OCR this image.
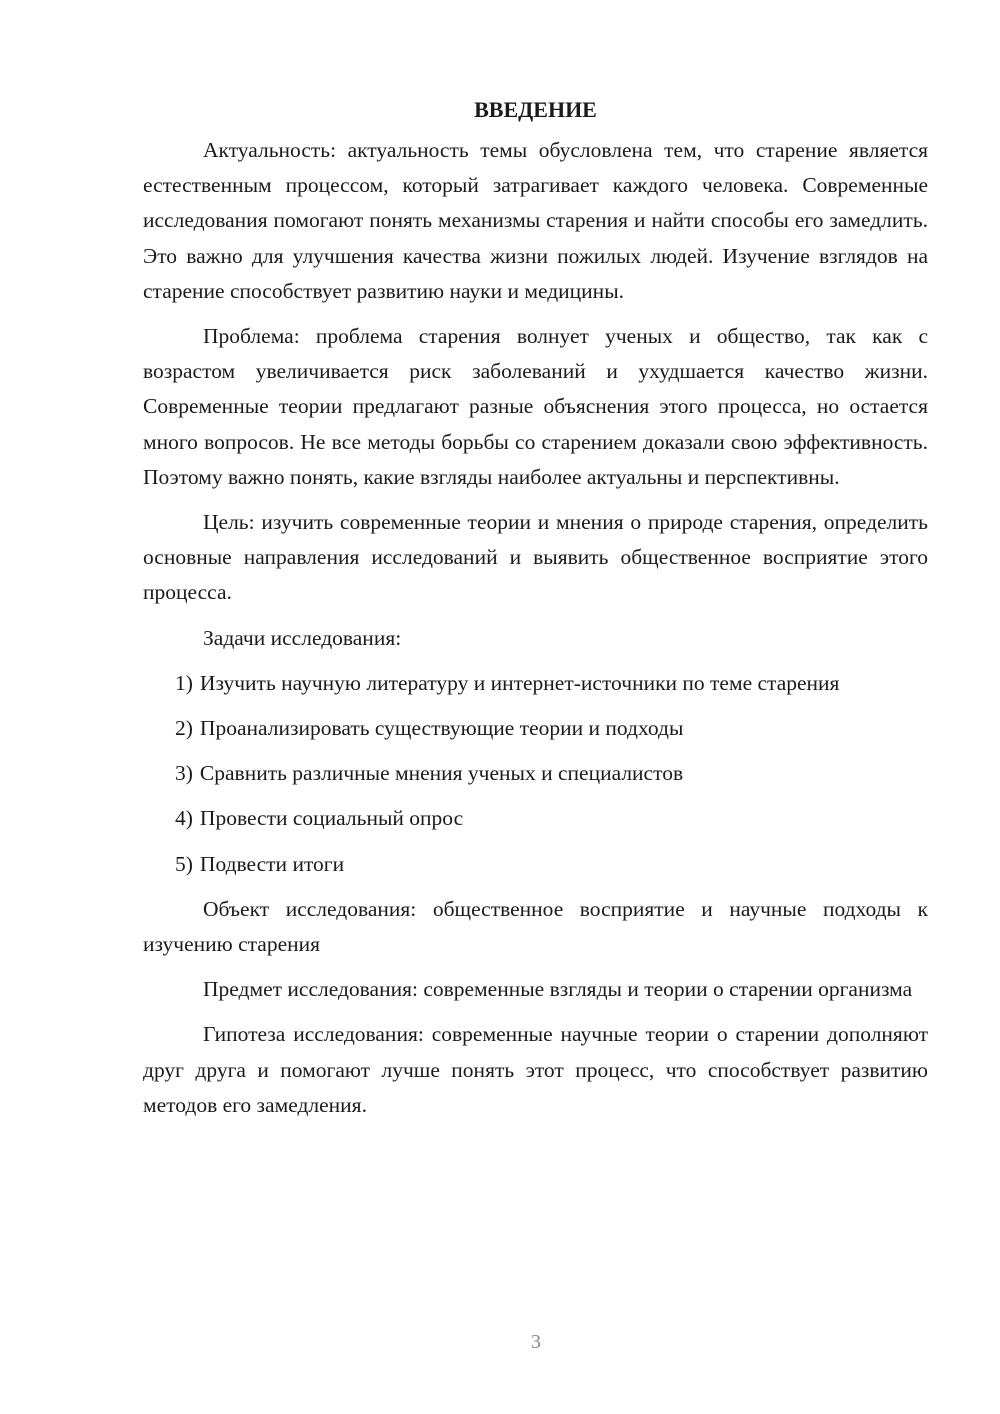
ВВЕДЕНИЕ

Актуальность: актуальность темы обусловлена тем, что старение является естественным процессом, который затрагивает каждого человека. Современные исследования помогают понять механизмы старения и найти способы его замедлить. Это важно для улучшения качества жизни пожилых людей. Изучение взглядов на старение способствует развитию науки и медицины.

Проблема: проблема старения волнует ученых и общество, так как с возрастом увеличивается риск заболеваний и ухудшается качество жизни. Современные теории предлагают разные объяснения этого процесса, но остается много вопросов. Не все методы борьбы со старением доказали свою эффективность. Поэтому важно понять, какие взгляды наиболее актуальны и перспективны.

Цель: изучить современные теории и мнения о природе старения, определить основные направления исследований и выявить общественное восприятие этого процесса.

Задачи исследования:

1) Изучить научную литературу и интернет-источники по теме старения

2) Проанализировать существующие теории и подходы

3) Сравнить различные мнения ученых и специалистов

4) Провести социальный опрос

5) Подвести итоги

Объект исследования: общественное восприятие и научные подходы к изучению старения

Предмет исследования: современные взгляды и теории о старении организма

Гипотеза исследования: современные научные теории о старении дополняют друг друга и помогают лучше понять этот процесс, что способствует развитию методов его замедления.

3
